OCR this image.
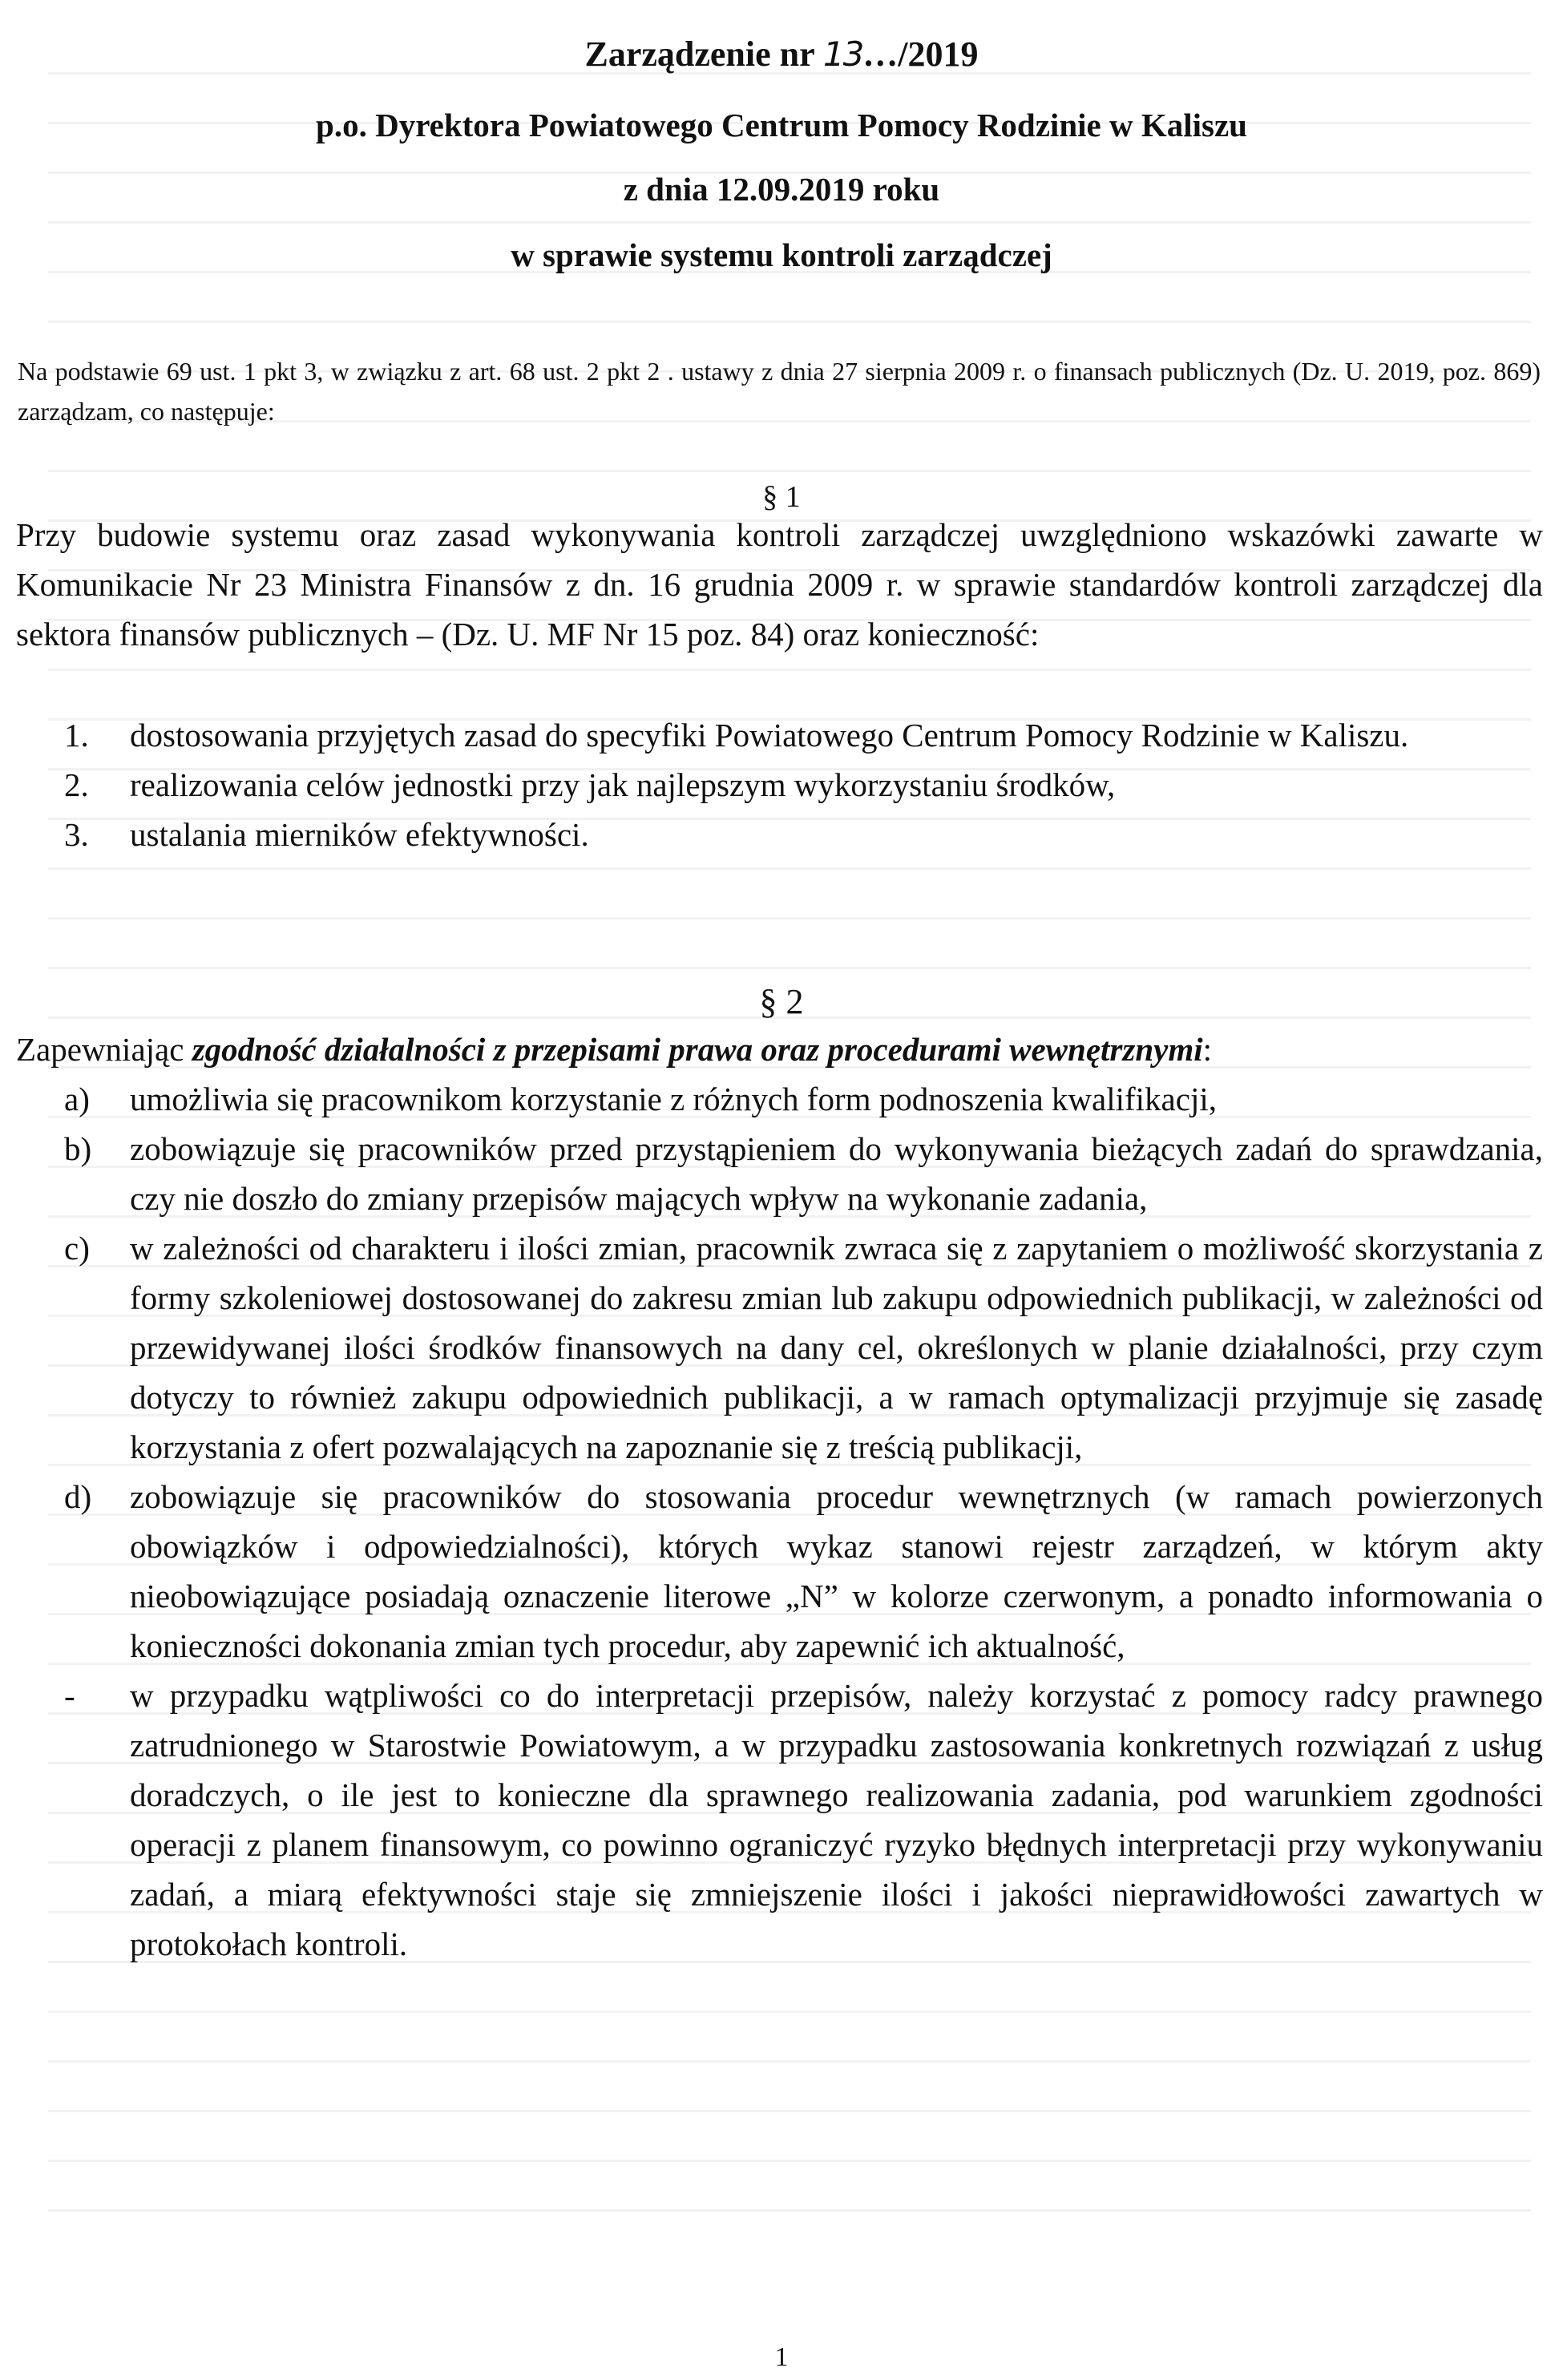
Zarządzenie nr 13…/2019
p.o. Dyrektora Powiatowego Centrum Pomocy Rodzinie w Kaliszu
z dnia 12.09.2019 roku
w sprawie systemu kontroli zarządczej
Na podstawie 69 ust. 1 pkt 3, w związku z art. 68 ust. 2 pkt 2 . ustawy z dnia 27 sierpnia 2009 r. o finansach publicznych (Dz. U. 2019, poz. 869) zarządzam, co następuje:
§ 1
Przy budowie systemu oraz zasad wykonywania kontroli zarządczej uwzględniono wskazówki zawarte w Komunikacie Nr 23 Ministra Finansów z dn. 16 grudnia 2009 r. w sprawie standardów kontroli zarządczej dla sektora finansów publicznych – (Dz. U. MF Nr 15 poz. 84) oraz konieczność:
1.	dostosowania przyjętych zasad do specyfiki Powiatowego Centrum Pomocy Rodzinie w Kaliszu.
2.	realizowania celów jednostki przy jak najlepszym wykorzystaniu środków,
3.	ustalania mierników efektywności.
§ 2
Zapewniając zgodność działalności z przepisami prawa oraz procedurami wewnętrznymi:
a)	umożliwia się pracownikom korzystanie z różnych form podnoszenia kwalifikacji,
b)	zobowiązuje się pracowników przed przystąpieniem do wykonywania bieżących zadań do sprawdzania, czy nie doszło do zmiany przepisów mających wpływ na wykonanie zadania,
c)	w zależności od charakteru i ilości zmian, pracownik zwraca się z zapytaniem o możliwość skorzystania z formy szkoleniowej dostosowanej do zakresu zmian lub zakupu odpowiednich publikacji, w zależności od przewidywanej ilości środków finansowych na dany cel, określonych w planie działalności, przy czym dotyczy to również zakupu odpowiednich publikacji, a w ramach optymalizacji przyjmuje się zasadę korzystania z ofert pozwalających na zapoznanie się z treścią publikacji,
d)	zobowiązuje się pracowników do stosowania procedur wewnętrznych (w ramach powierzonych obowiązków i odpowiedzialności), których wykaz stanowi rejestr zarządzeń, w którym akty nieobowiązujące posiadają oznaczenie literowe „N” w kolorze czerwonym, a ponadto informowania o konieczności dokonania zmian tych procedur, aby zapewnić ich aktualność,
-	w przypadku wątpliwości co do interpretacji przepisów, należy korzystać z pomocy radcy prawnego zatrudnionego w Starostwie Powiatowym, a w przypadku zastosowania konkretnych rozwiązań z usług doradczych, o ile jest to konieczne dla sprawnego realizowania zadania, pod warunkiem zgodności operacji z planem finansowym, co powinno ograniczyć ryzyko błędnych interpretacji przy wykonywaniu zadań, a miarą efektywności staje się zmniejszenie ilości i jakości nieprawidłowości zawartych w protokołach kontroli.
1
